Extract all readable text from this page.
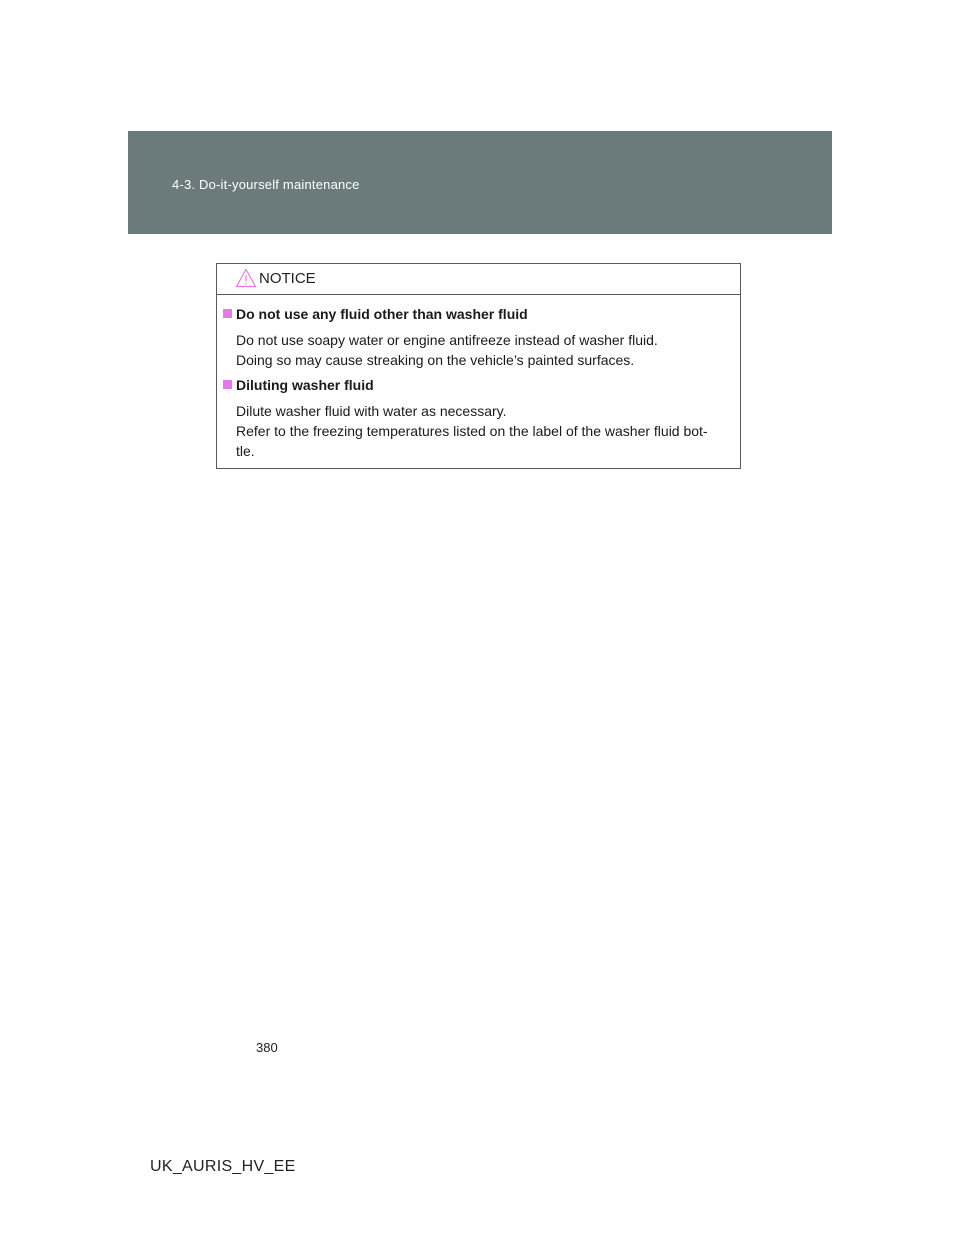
4-3. Do-it-yourself maintenance
NOTICE
Do not use any fluid other than washer fluid

Do not use soapy water or engine antifreeze instead of washer fluid.

Doing so may cause streaking on the vehicle’s painted surfaces.

Diluting washer fluid

Dilute washer fluid with water as necessary.

Refer to the freezing temperatures listed on the label of the washer fluid bot-

tle.

380
UK_AURIS_HV_EE
